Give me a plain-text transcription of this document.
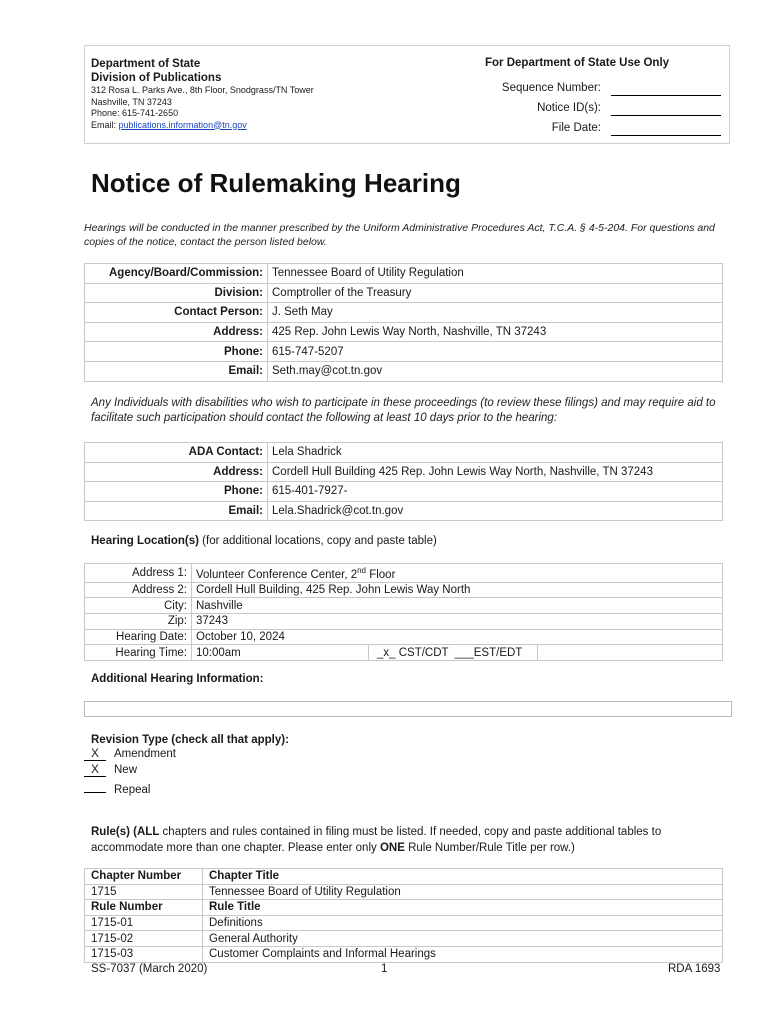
Department of State
Division of Publications
312 Rosa L. Parks Ave., 8th Floor, Snodgrass/TN Tower
Nashville, TN 37243
Phone: 615-741-2650
Email: publications.information@tn.gov
For Department of State Use Only
Sequence Number:
Notice ID(s):
File Date:
Notice of Rulemaking Hearing
Hearings will be conducted in the manner prescribed by the Uniform Administrative Procedures Act, T.C.A. § 4-5-204. For questions and copies of the notice, contact the person listed below.
Agency/Board/Commission:	Tennessee Board of Utility Regulation
Division:	Comptroller of the Treasury
Contact Person:	J. Seth May
Address:	425 Rep. John Lewis Way North, Nashville, TN 37243
Phone:	615-747-5207
Email:	Seth.may@cot.tn.gov
Any Individuals with disabilities who wish to participate in these proceedings (to review these filings) and may require aid to facilitate such participation should contact the following at least 10 days prior to the hearing:
ADA Contact:	Lela Shadrick
Address:	Cordell Hull Building 425 Rep. John Lewis Way North, Nashville, TN 37243
Phone:	615-401-7927-
Email:	Lela.Shadrick@cot.tn.gov
Hearing Location(s) (for additional locations, copy and paste table)
Address 1:	Volunteer Conference Center, 2nd Floor		
Address 2:	Cordell Hull Building, 425 Rep. John Lewis Way North		
City:	Nashville		
Zip:	37243		
Hearing Date:	October 10, 2024		
Hearing Time:	10:00am	_x_ CST/CDT ___EST/EDT	
Additional Hearing Information:
Revision Type (check all that apply):
X Amendment
X New
Repeal
Rule(s) (ALL chapters and rules contained in filing must be listed. If needed, copy and paste additional tables to accommodate more than one chapter. Please enter only ONE Rule Number/Rule Title per row.)
Chapter Number	Chapter Title
1715	Tennessee Board of Utility Regulation
Rule Number	Rule Title
1715-01	Definitions
1715-02	General Authority
1715-03	Customer Complaints and Informal Hearings
SS-7037 (March 2020)	1	RDA 1693
